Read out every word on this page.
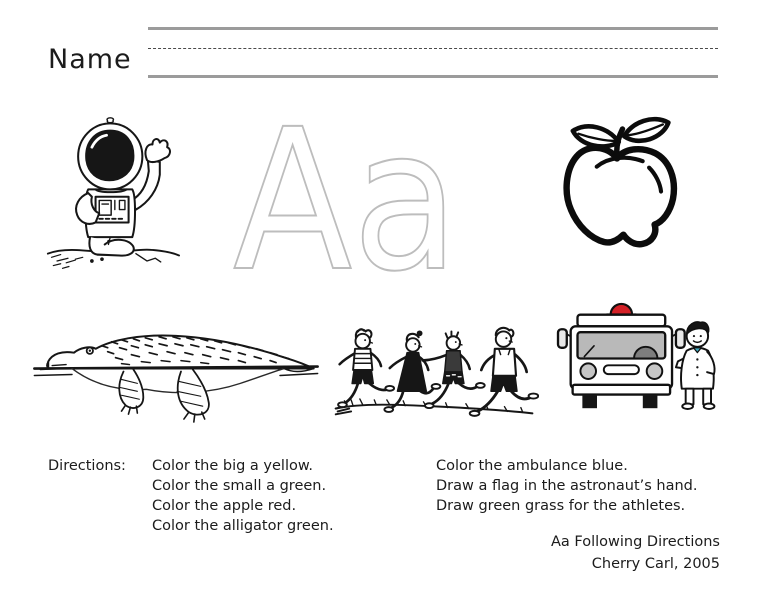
Name
Aa
Directions: Color the big a yellow.
Color the small a green.
Color the apple red.
Color the alligator green.
Color the ambulance blue.
Draw a flag in the astronaut’s hand.
Draw green grass for the athletes.
Aa Following Directions
Cherry Carl, 2005
